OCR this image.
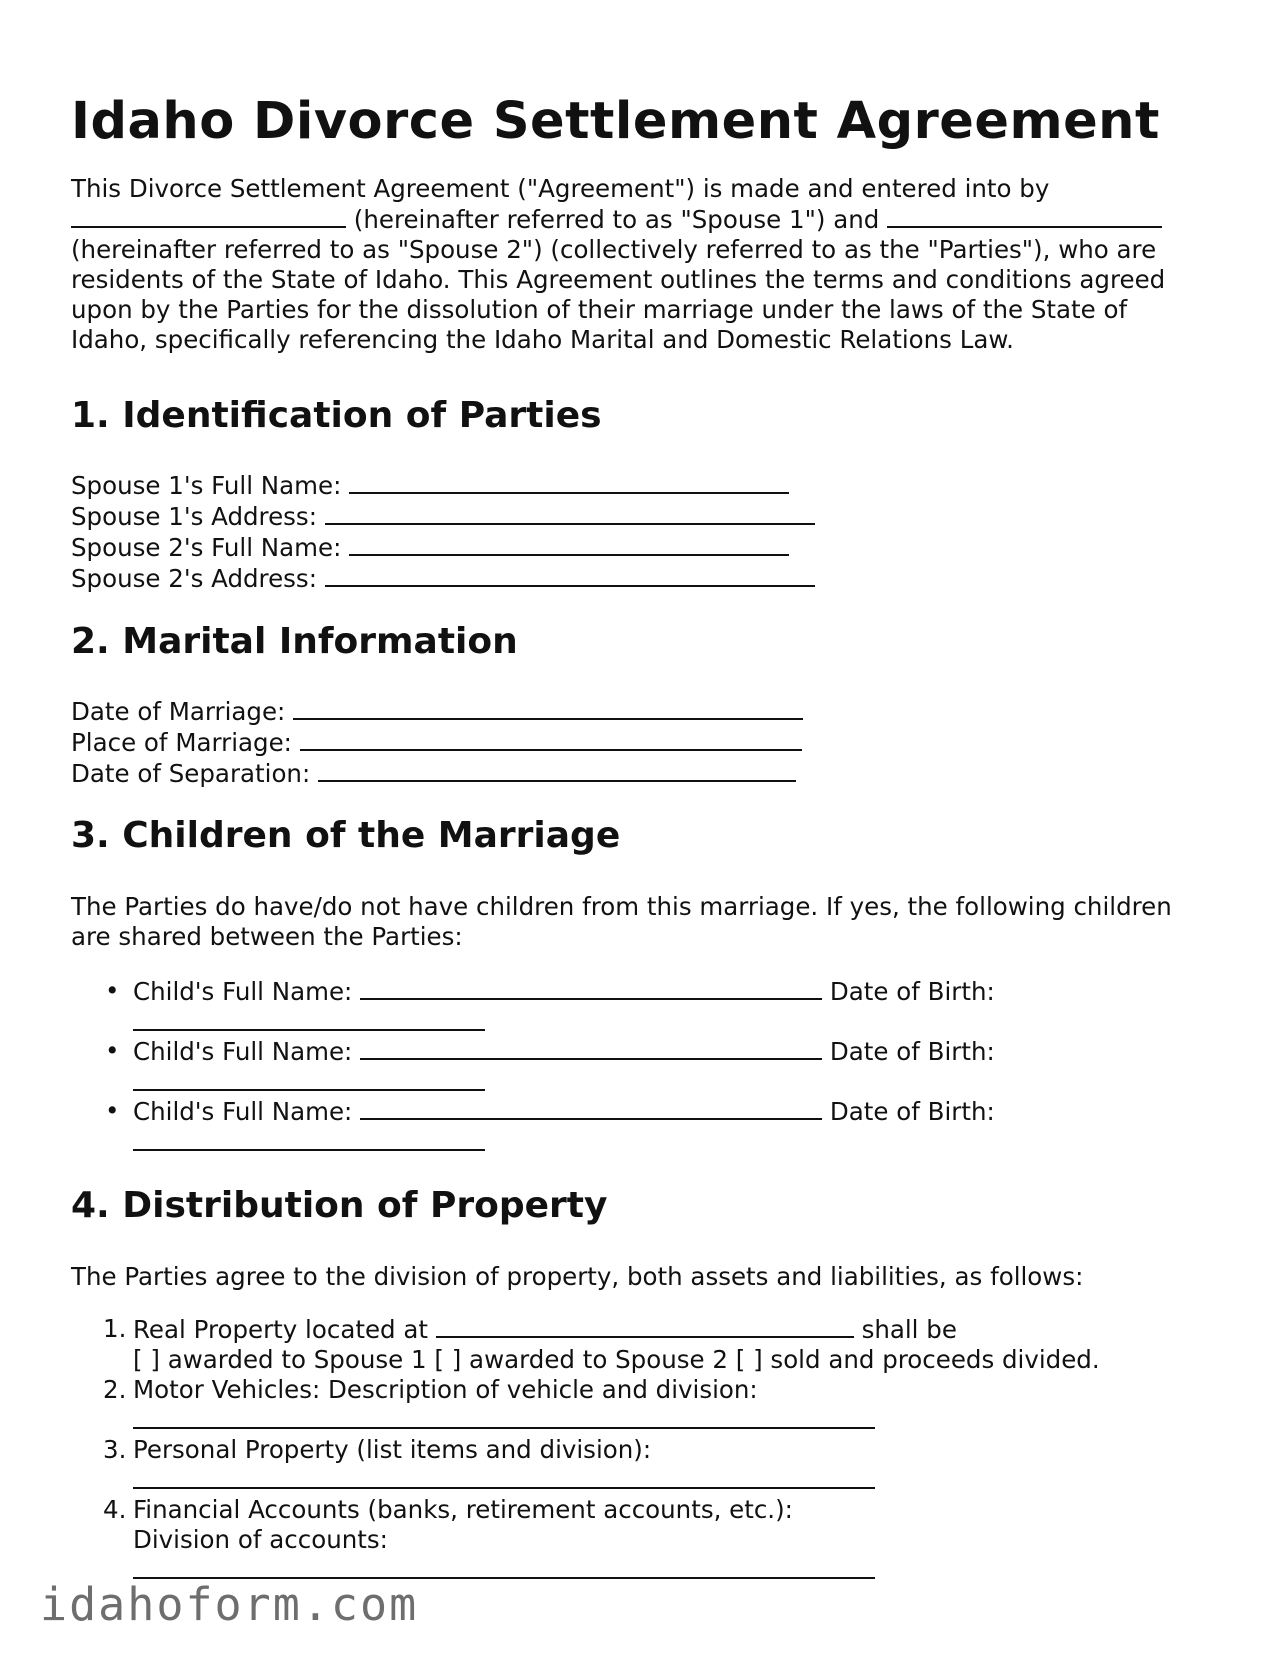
Idaho Divorce Settlement Agreement
This Divorce Settlement Agreement ("Agreement") is made and entered into by
(hereinafter referred to as "Spouse 1") and
(hereinafter referred to as "Spouse 2") (collectively referred to as the "Parties"), who are
residents of the State of Idaho. This Agreement outlines the terms and conditions agreed
upon by the Parties for the dissolution of their marriage under the laws of the State of
Idaho, specifically referencing the Idaho Marital and Domestic Relations Law.
1. Identification of Parties
Spouse 1's Full Name:
Spouse 1's Address:
Spouse 2's Full Name:
Spouse 2's Address:
2. Marital Information
Date of Marriage:
Place of Marriage:
Date of Separation:
3. Children of the Marriage
The Parties do have/do not have children from this marriage. If yes, the following children
are shared between the Parties:
• Child's Full Name:	Date of Birth:

• Child's Full Name:	Date of Birth:

• Child's Full Name:	Date of Birth:

4. Distribution of Property
The Parties agree to the division of property, both assets and liabilities, as follows:
1. Real Property located at	shall be
[ ] awarded to Spouse 1 [ ] awarded to Spouse 2 [ ] sold and proceeds divided.
2. Motor Vehicles: Description of vehicle and division:

3. Personal Property (list items and division):

4. Financial Accounts (banks, retirement accounts, etc.):
Division of accounts:

idahoform.com
